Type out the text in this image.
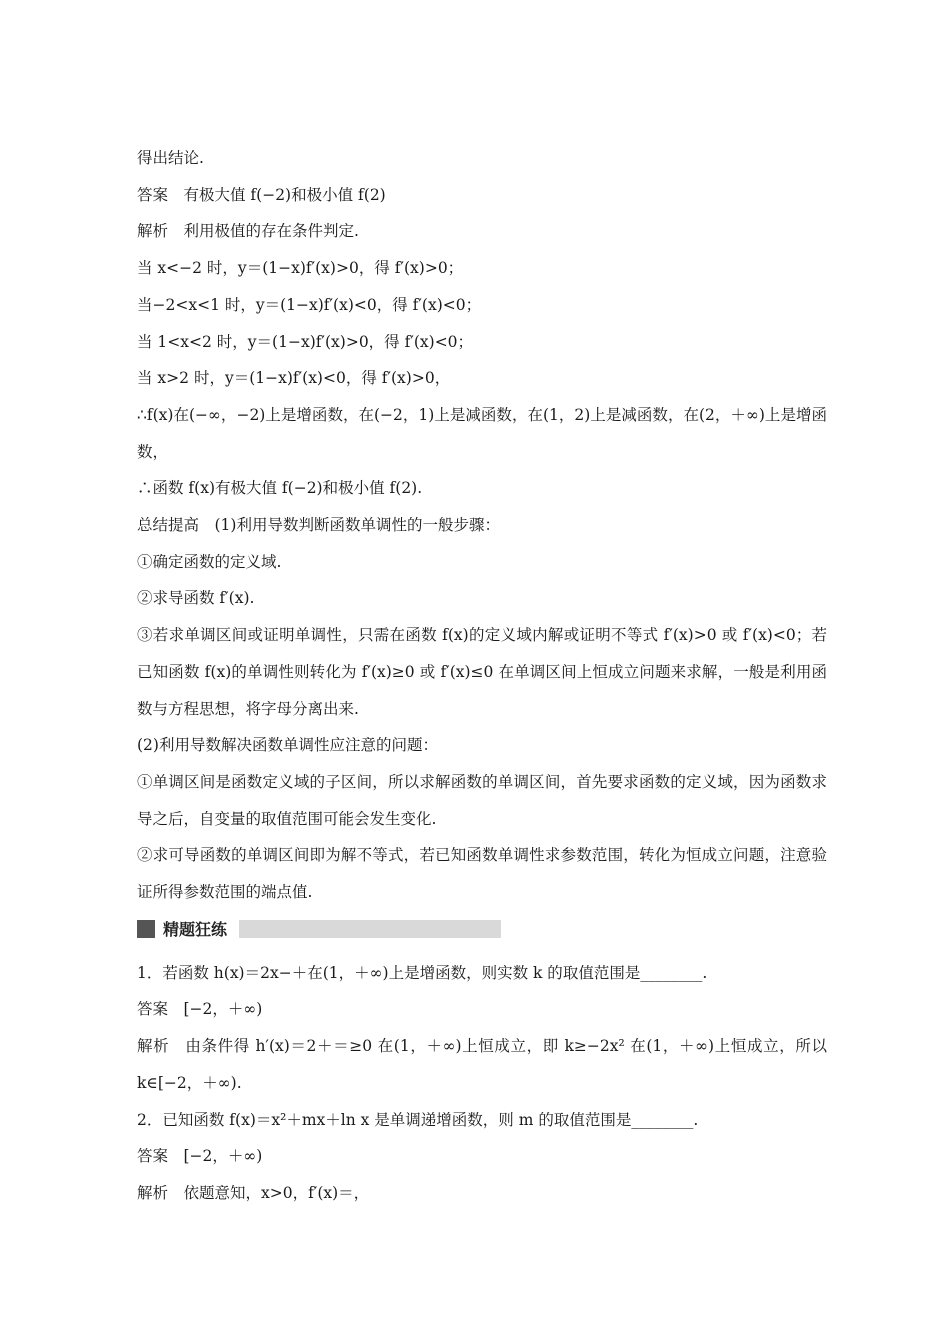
得出结论.
答案　有极大值 f(−2)和极小值 f(2)
解析　利用极值的存在条件判定.
当 x<−2 时，y＝(1−x)f′(x)>0，得 f′(x)>0；
当−2<x<1 时，y＝(1−x)f′(x)<0，得 f′(x)<0；
当 1<x<2 时，y＝(1−x)f′(x)>0，得 f′(x)<0；
当 x>2 时，y＝(1−x)f′(x)<0，得 f′(x)>0，
∴f(x)在(−∞，−2)上是增函数，在(−2，1)上是减函数，在(1，2)上是减函数，在(2，＋∞)上是增函数，
∴函数 f(x)有极大值 f(−2)和极小值 f(2).
总结提高　(1)利用导数判断函数单调性的一般步骤：
①确定函数的定义域.
②求导函数 f′(x).
③若求单调区间或证明单调性，只需在函数 f(x)的定义域内解或证明不等式 f′(x)>0 或 f′(x)<0；若已知函数 f(x)的单调性则转化为 f′(x)≥0 或 f′(x)≤0 在单调区间上恒成立问题来求解，一般是利用函数与方程思想，将字母分离出来.
(2)利用导数解决函数单调性应注意的问题：
①单调区间是函数定义域的子区间，所以求解函数的单调区间，首先要求函数的定义域，因为函数求导之后，自变量的取值范围可能会发生变化.
②求可导函数的单调区间即为解不等式，若已知函数单调性求参数范围，转化为恒成立问题，注意验证所得参数范围的端点值.
精题狂练
1．若函数 h(x)＝2x−＋在(1，＋∞)上是增函数，则实数 k 的取值范围是________.
答案　[−2，＋∞)
解析　由条件得 h′(x)＝2＋＝≥0 在(1，＋∞)上恒成立，即 k≥−2x² 在(1，＋∞)上恒成立，所以 k∈[−2，＋∞).
2．已知函数 f(x)＝x²＋mx＋ln x 是单调递增函数，则 m 的取值范围是________.
答案　[−2，＋∞)
解析　依题意知，x>0，f′(x)＝，
